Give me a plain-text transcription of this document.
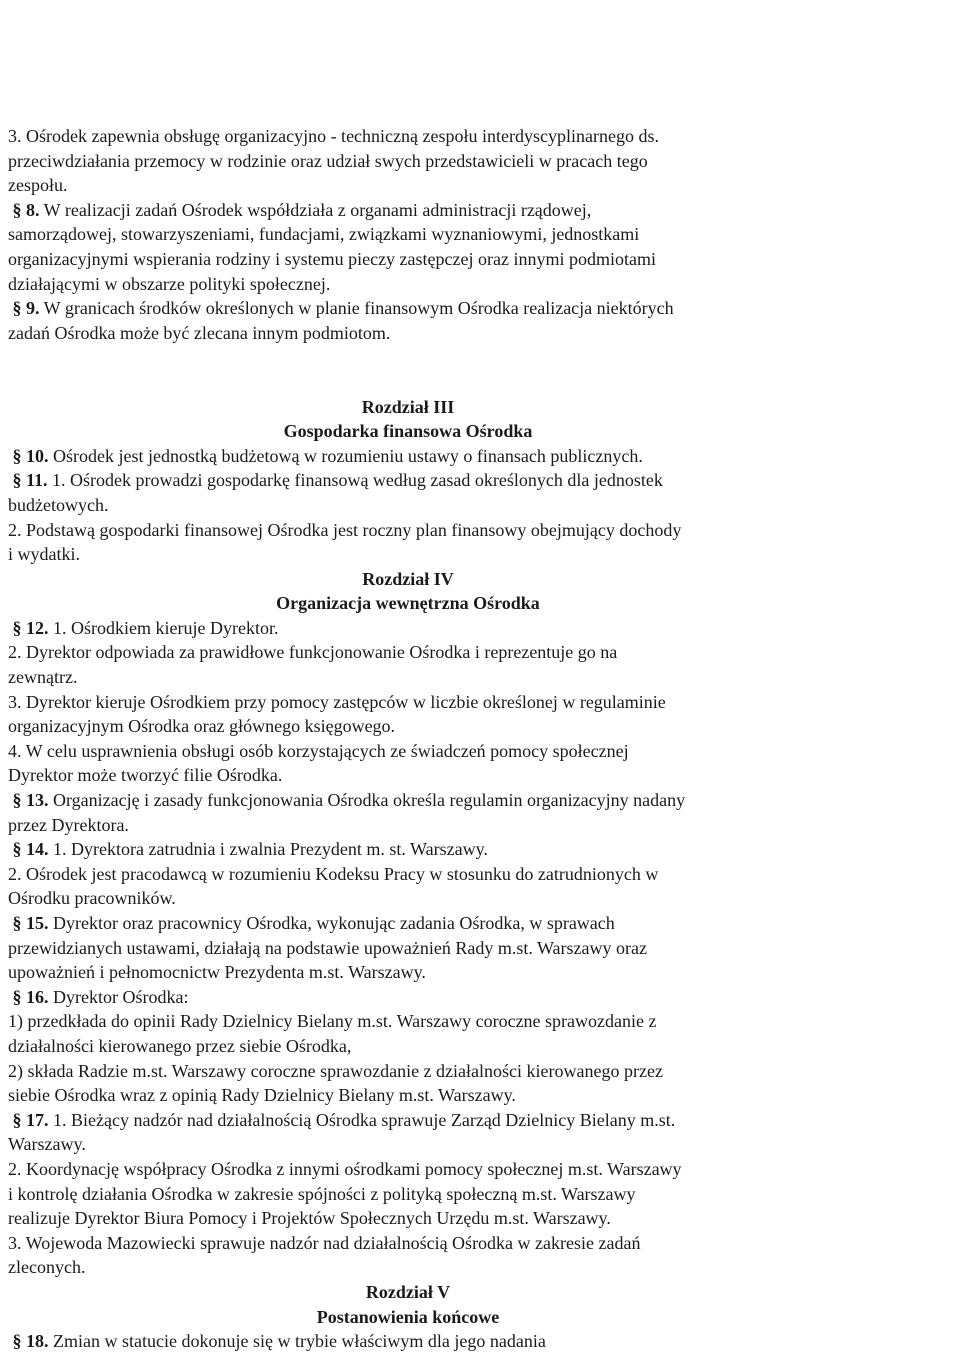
3. Ośrodek zapewnia obsługę organizacyjno - techniczną zespołu interdyscyplinarnego ds.
przeciwdziałania przemocy w rodzinie oraz udział swych przedstawicieli w pracach tego
zespołu.
§ 8. W realizacji zadań Ośrodek współdziała z organami administracji rządowej,
samorządowej, stowarzyszeniami, fundacjami, związkami wyznaniowymi, jednostkami
organizacyjnymi wspierania rodziny i systemu pieczy zastępczej oraz innymi podmiotami
działającymi w obszarze polityki społecznej.
§ 9. W granicach środków określonych w planie finansowym Ośrodka realizacja niektórych
zadań Ośrodka może być zlecana innym podmiotom.
Rozdział III
Gospodarka finansowa Ośrodka
§ 10. Ośrodek jest jednostką budżetową w rozumieniu ustawy o finansach publicznych.
§ 11. 1. Ośrodek prowadzi gospodarkę finansową według zasad określonych dla jednostek
budżetowych.
2. Podstawą gospodarki finansowej Ośrodka jest roczny plan finansowy obejmujący dochody
i wydatki.
Rozdział IV
Organizacja wewnętrzna Ośrodka
§ 12. 1. Ośrodkiem kieruje Dyrektor.
2. Dyrektor odpowiada za prawidłowe funkcjonowanie Ośrodka i reprezentuje go na
zewnątrz.
3. Dyrektor kieruje Ośrodkiem przy pomocy zastępców w liczbie określonej w regulaminie
organizacyjnym Ośrodka oraz głównego księgowego.
4. W celu usprawnienia obsługi osób korzystających ze świadczeń pomocy społecznej
Dyrektor może tworzyć filie Ośrodka.
§ 13. Organizację i zasady funkcjonowania Ośrodka określa regulamin organizacyjny nadany
przez Dyrektora.
§ 14. 1. Dyrektora zatrudnia i zwalnia Prezydent m. st. Warszawy.
2. Ośrodek jest pracodawcą w rozumieniu Kodeksu Pracy w stosunku do zatrudnionych w
Ośrodku pracowników.
§ 15. Dyrektor oraz pracownicy Ośrodka, wykonując zadania Ośrodka, w sprawach
przewidzianych ustawami, działają na podstawie upoważnień Rady m.st. Warszawy oraz
upoważnień i pełnomocnictw Prezydenta m.st. Warszawy.
§ 16. Dyrektor Ośrodka:
1) przedkłada do opinii Rady Dzielnicy Bielany m.st. Warszawy coroczne sprawozdanie z
działalności kierowanego przez siebie Ośrodka,
2) składa Radzie m.st. Warszawy coroczne sprawozdanie z działalności kierowanego przez
siebie Ośrodka wraz z opinią Rady Dzielnicy Bielany m.st. Warszawy.
§ 17. 1. Bieżący nadzór nad działalnością Ośrodka sprawuje Zarząd Dzielnicy Bielany m.st.
Warszawy.
2. Koordynację współpracy Ośrodka z innymi ośrodkami pomocy społecznej m.st. Warszawy
i kontrolę działania Ośrodka w zakresie spójności z polityką społeczną m.st. Warszawy
realizuje Dyrektor Biura Pomocy i Projektów Społecznych Urzędu m.st. Warszawy.
3. Wojewoda Mazowiecki sprawuje nadzór nad działalnością Ośrodka w zakresie zadań
zleconych.
Rozdział V
Postanowienia końcowe
§ 18. Zmian w statucie dokonuje się w trybie właściwym dla jego nadania
